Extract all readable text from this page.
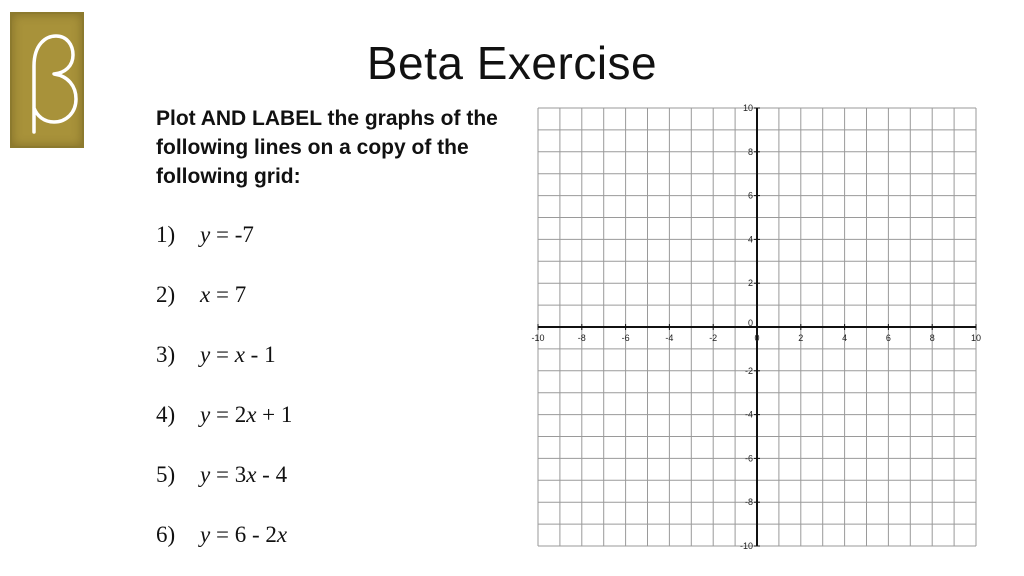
Beta Exercise
Plot AND LABEL the graphs of the following lines on a copy of the following grid:
1) y = -7
2) x = 7
3) y = x - 1
4) y = 2x + 1
5) y = 3x - 4
6) y = 6 - 2x
-10	-8	-6	-4	-2	0	2	4	6	8	10
10
8
6
4
2
-2
-4
-6
-8
-10
0
